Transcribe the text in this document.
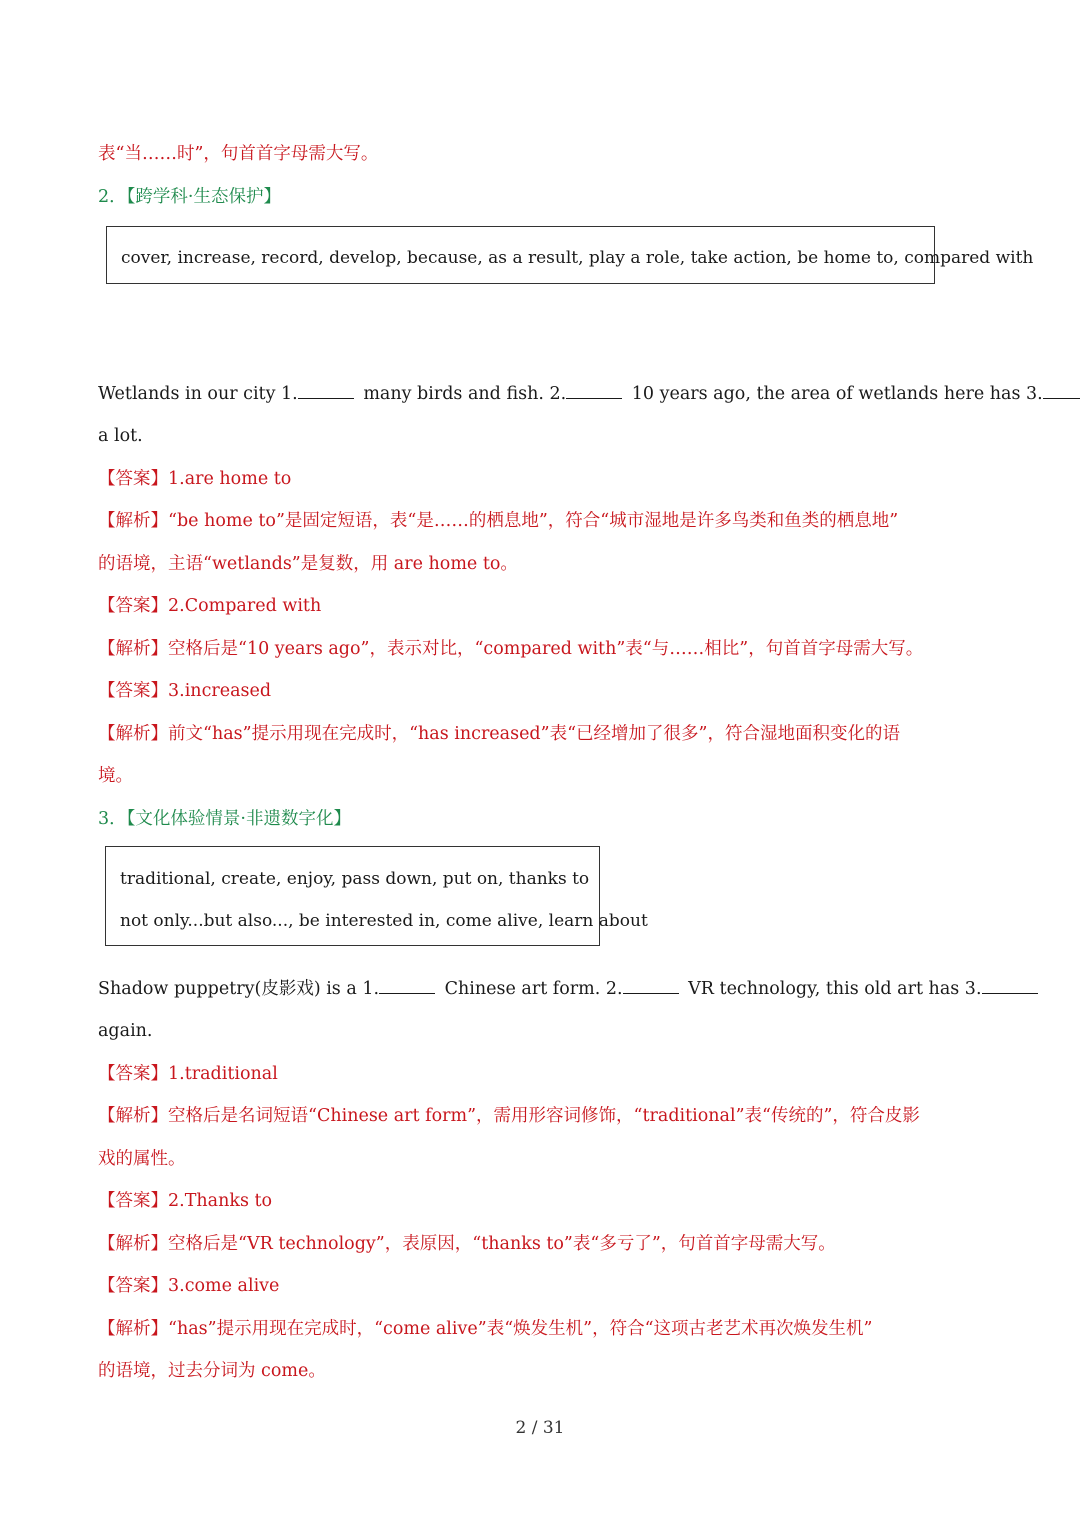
表“当……时”，句首首字母需大写。
2．【跨学科·生态保护】
cover, increase, record, develop, because, as a result, play a role, take action, be home to, compared with
Wetlands in our city 1.	many birds and fish. 2.	10 years ago, the area of wetlands here has 3.
a lot.
【答案】1.are home to
【解析】“be home to”是固定短语，表“是……的栖息地”，符合“城市湿地是许多鸟类和鱼类的栖息地”
的语境，主语“wetlands”是复数，用 are home to。
【答案】2.Compared with
【解析】空格后是“10 years ago”，表示对比，“compared with”表“与……相比”，句首首字母需大写。
【答案】3.increased
【解析】前文“has”提示用现在完成时，“has increased”表“已经增加了很多”，符合湿地面积变化的语
境。
3．【文化体验情景·非遗数字化】
traditional, create, enjoy, pass down, put on, thanks to
not only...but also..., be interested in, come alive, learn about
Shadow puppetry(皮影戏) is a 1.	Chinese art form. 2.	VR technology, this old art has 3.
again.
【答案】1.traditional
【解析】空格后是名词短语“Chinese art form”，需用形容词修饰，“traditional”表“传统的”，符合皮影
戏的属性。
【答案】2.Thanks to
【解析】空格后是“VR technology”，表原因，“thanks to”表“多亏了”，句首首字母需大写。
【答案】3.come alive
【解析】“has”提示用现在完成时，“come alive”表“焕发生机”，符合“这项古老艺术再次焕发生机”
的语境，过去分词为 come。
2 / 31
